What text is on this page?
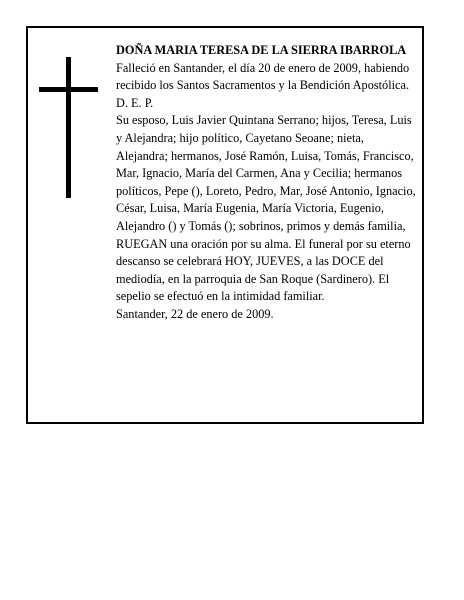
DOÑA MARIA TERESA DE LA SIERRA IBARROLA

Falleció en Santander, el día 20 de enero de 2009, habiendo recibido los Santos Sacramentos y la Bendición Apostólica.

D. E. P.

Su esposo, Luis Javier Quintana Serrano; hijos, Teresa, Luis y Alejandra; hijo político, Cayetano Seoane; nieta, Alejandra; hermanos, José Ramón, Luisa, Tomás, Francisco, Mar, Ignacio, María del Carmen, Ana y Cecilia; hermanos políticos, Pepe (), Loreto, Pedro, Mar, José Antonio, Ignacio, César, Luisa, María Eugenia, María Victoria, Eugenio, Alejandro () y Tomás (); sobrinos, primos y demás familia,

RUEGAN una oración por su alma. El funeral por su eterno descanso se celebrará HOY, JUEVES, a las DOCE del mediodía, en la parroquia de San Roque (Sardinero). El sepelio se efectuó en la intimidad familiar.

Santander, 22 de enero de 2009.
